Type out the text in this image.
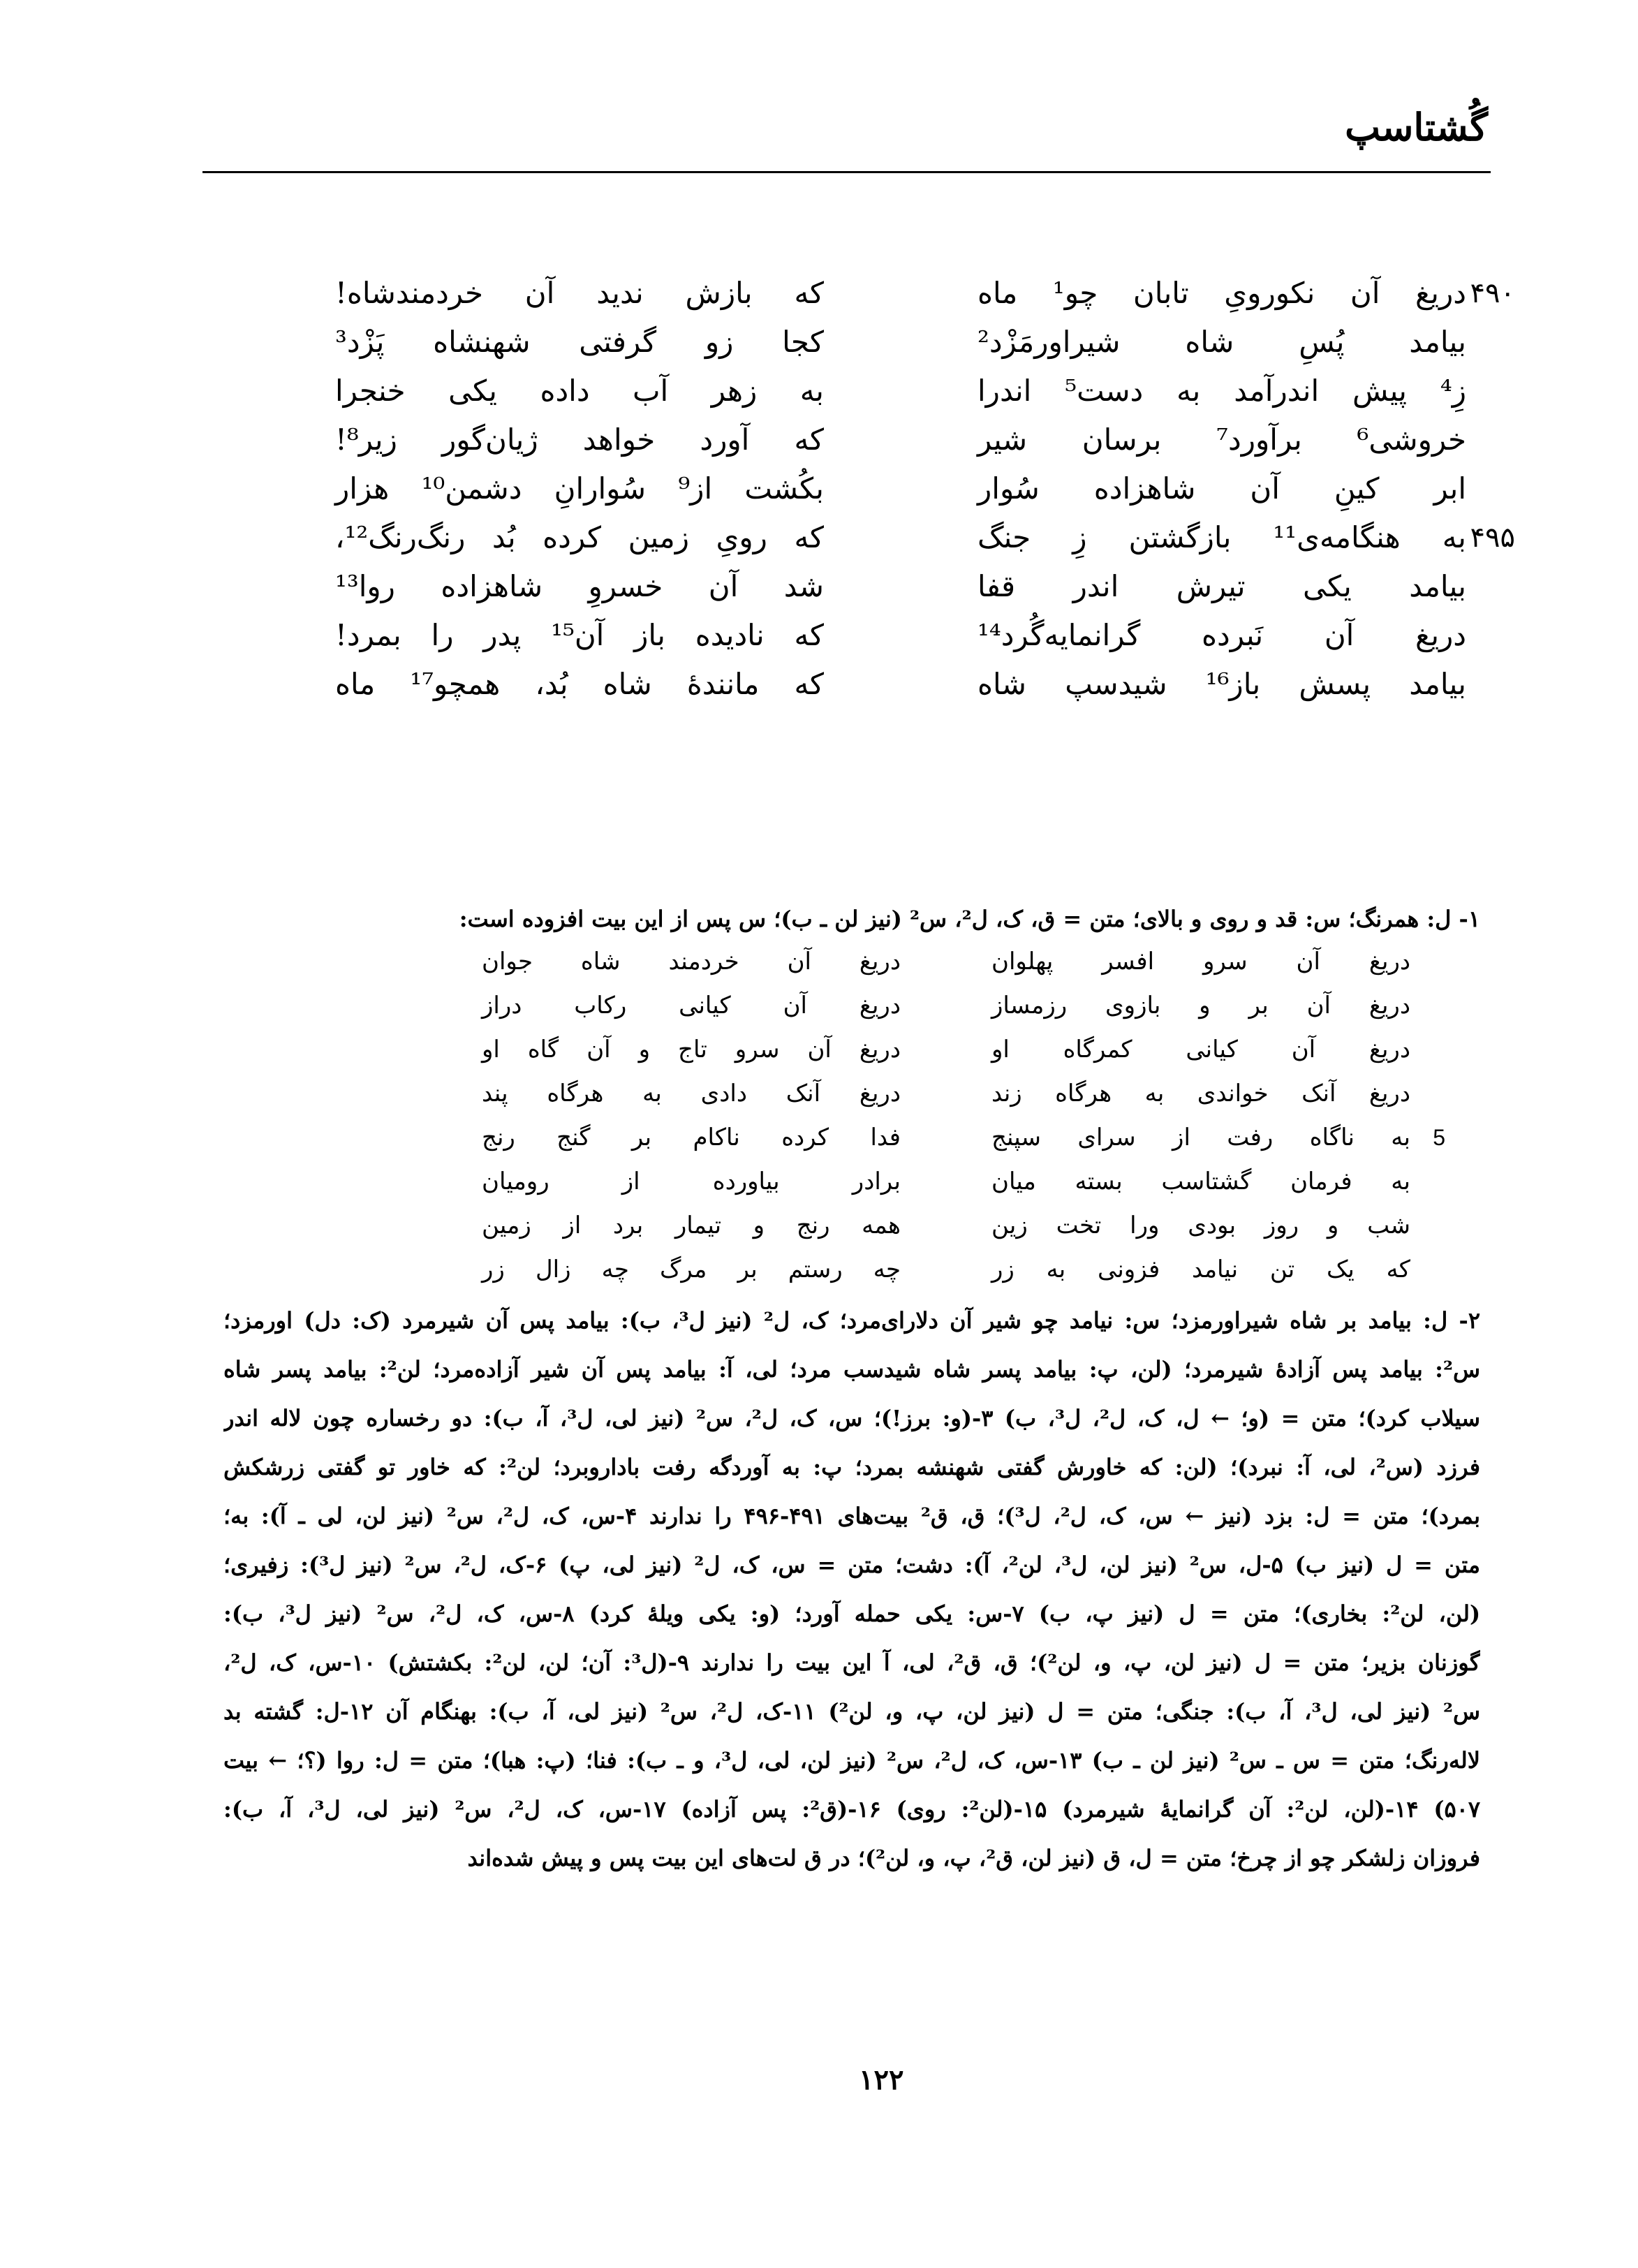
گُشتاسپ
۴۹۰
دریغ آن نکورویِ تابان چو¹ ماه
که بازش ندید آن خردمندشاه!
بیامد پُسِ شاه شیراورمَزْد²
کجا زو گرفتی شهنشاه پَزْد³
زِ⁴ پیش اندرآمد به دست⁵ اندرا
به زهر آب داده یکی خنجرا
خروشی⁶ برآورد⁷ برسان شیر
که آورد خواهد ژیان‌گور زیر⁸!
ابر کینِ آن شاهزاده سُوار
بکُشت از⁹ سُوارانِ دشمن¹⁰ هزار
۴۹۵
به هنگامه‌ی¹¹ بازگشتن زِ جنگ
که رویِ زمین کرده بُد رنگ‌رنگ¹²،
بیامد یکی تیرش اندر قفا
شد آن خسروِ شاهزاده روا¹³
دریغ آن نَبرده گرانمایه‌گُرد¹⁴
که نادیده باز آن¹⁵ پدر را بمرد!
بیامد پسش باز¹⁶ شیدسپ شاه
که مانندهٔ شاه بُد، همچو¹⁷ ماه
۱- ل: همرنگ؛ س: قد و روی و بالای؛ متن = ق، ک، ل²، س² (نیز لن ـ ب)؛ س پس از این بیت افزوده است:
دریغ آن سرو افسر پهلوان
دریغ آن خردمند شاه جوان
دریغ آن بر و بازوی رزمساز
دریغ آن کیانی رکاب دراز
دریغ آن کیانی کمرگاه او
دریغ آن سرو تاج و آن گاه او
دریغ آنک خواندی به هرگاه زند
دریغ آنک دادی به هرگاه پند
5
به ناگاه رفت از سرای سپنج
فدا کرده ناکام بر گنج رنج
به فرمان گشتاسب بسته میان
برادر بیاورده از رومیان
شب و روز بودی ورا تخت زین
همه رنج و تیمار برد از زمین
که یک تن نیامد فزونی به زر
چه رستم بر مرگ چه زال زر
۲- ل: بیامد بر شاه شیراورمزد؛ س: نیامد چو شیر آن دلارای‌مرد؛ ک، ل² (نیز ل³، ب): بیامد پس آن شیرمرد (ک: دل) اورمزد؛
س²: بیامد پس آزادهٔ شیرمرد؛ (لن، پ: بیامد پسر شاه شیدسب مرد؛ لی، آ: بیامد پس آن شیر آزاده‌مرد؛ لن²: بیامد پسر شاه
سیلاب کرد)؛ متن = (و؛ ← ل، ک، ل²، ل³، ب) ۳-(و: برز!)؛ س، ک، ل²، س² (نیز لی، ل³، آ، ب): دو رخساره چون لاله اندر
فرزد (س²، لی، آ: نبرد)؛ (لن: که خاورش گفتی شهنشه بمرد؛ پ: به آوردگه رفت باداروبرد؛ لن²: که خاور تو گفتی زرشکش
بمرد)؛ متن = ل: بزد (نیز ← س، ک، ل²، ل³)؛ ق، ق² بیت‌های ۴۹۱-۴۹۶ را ندارند ۴-س، ک، ل²، س² (نیز لن، لی ـ آ): به؛
متن = ل (نیز ب) ۵-ل، س² (نیز لن، ل³، لن²، آ): دشت؛ متن = س، ک، ل² (نیز لی، پ) ۶-ک، ل²، س² (نیز ل³): زفیری؛
(لن، لن²: بخاری)؛ متن = ل (نیز پ، ب) ۷-س: یکی حمله آورد؛ (و: یکی ویلهٔ کرد) ۸-س، ک، ل²، س² (نیز ل³، ب):
گوزنان بزیر؛ متن = ل (نیز لن، پ، و، لن²)؛ ق، ق²، لی، آ این بیت را ندارند ۹-(ل³: آن؛ لن، لن²: بکشتش) ۱۰-س، ک، ل²،
س² (نیز لی، ل³، آ، ب): جنگی؛ متن = ل (نیز لن، پ، و، لن²) ۱۱-ک، ل²، س² (نیز لی، آ، ب): بهنگام آن ۱۲-ل: گشته بد
لاله‌رنگ؛ متن = س ـ س² (نیز لن ـ ب) ۱۳-س، ک، ل²، س² (نیز لن، لی، ل³، و ـ ب): فنا؛ (پ: هبا)؛ متن = ل: روا (؟؛ ← بیت
۵۰۷) ۱۴-(لن، لن²: آن گرانمایهٔ شیرمرد) ۱۵-(لن²: روی) ۱۶-(ق²: پس آزاده) ۱۷-س، ک، ل²، س² (نیز لی، ل³، آ، ب):
فروزان زلشکر چو از چرخ؛ متن = ل، ق (نیز لن، ق²، پ، و، لن²)؛ در ق لت‌های این بیت پس و پیش شده‌اند
۱۲۲
